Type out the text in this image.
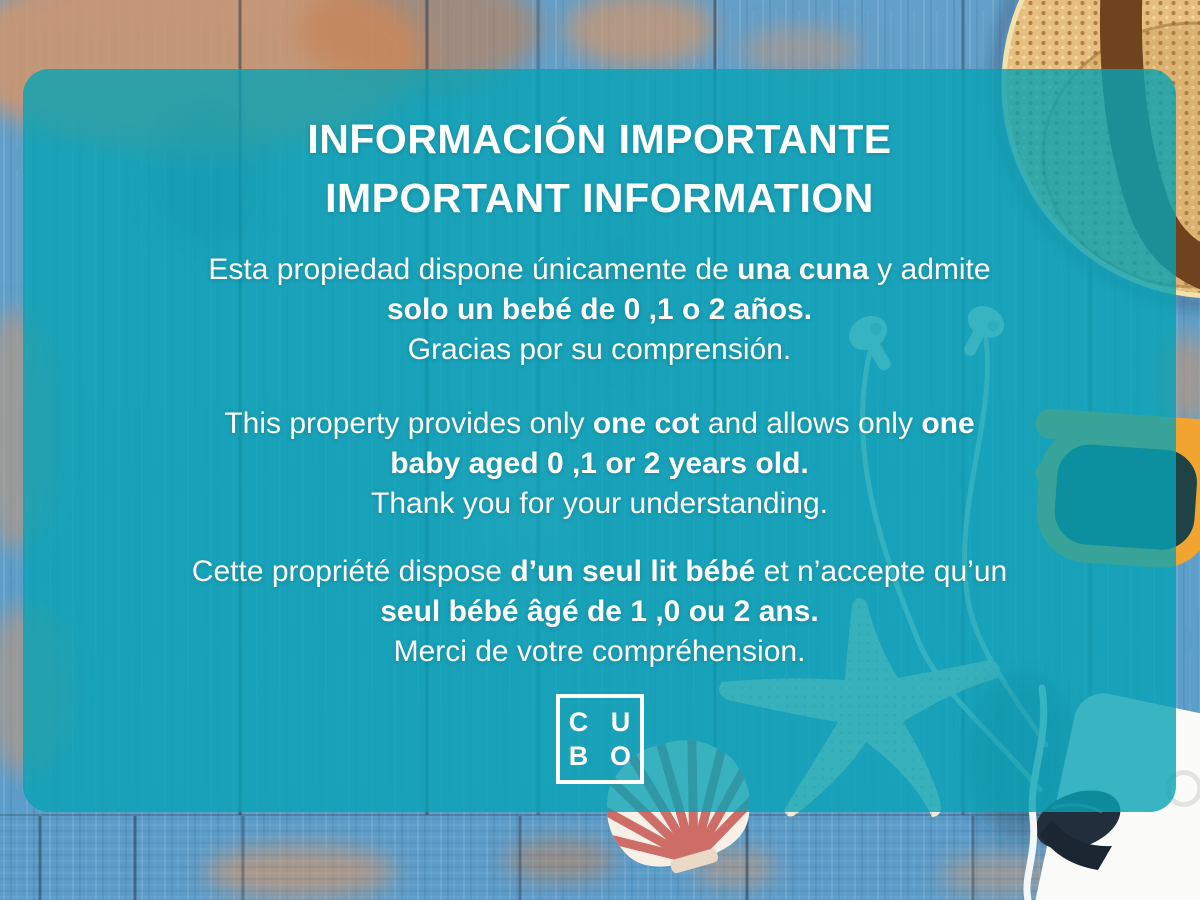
INFORMACIÓN IMPORTANTE
IMPORTANT INFORMATION

Esta propiedad dispone únicamente de una cuna y admite
solo un bebé de 0 ,1 o 2 años.
Gracias por su comprensión.

This property provides only one cot and allows only one
baby aged 0 ,1 or 2 years old.
Thank you for your understanding.

Cette propriété dispose d’un seul lit bébé et n’accepte qu’un
seul bébé âgé de 1 ,0 ou 2 ans.
Merci de votre compréhension.

C U
B O
